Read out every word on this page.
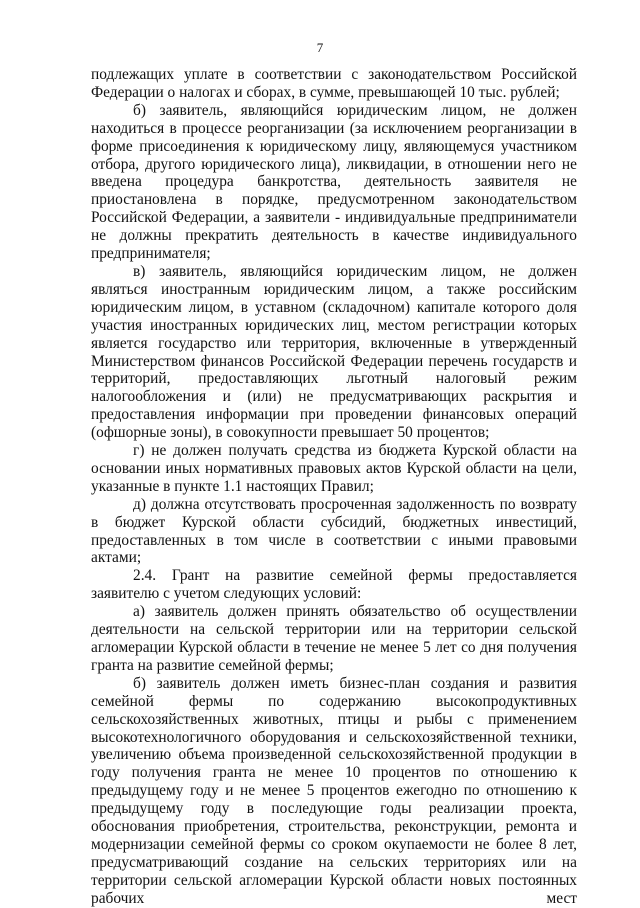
7

подлежащих уплате в соответствии с законодательством Российской Федерации о налогах и сборах, в сумме, превышающей 10 тыс. рублей;

б) заявитель, являющийся юридическим лицом, не должен находиться в процессе реорганизации (за исключением реорганизации в форме присоединения к юридическому лицу, являющемуся участником отбора, другого юридического лица), ликвидации, в отношении него не введена процедура банкротства, деятельность заявителя не приостановлена в порядке, предусмотренном законодательством Российской Федерации, а заявители - индивидуальные предприниматели не должны прекратить деятельность в качестве индивидуального предпринимателя;

в) заявитель, являющийся юридическим лицом, не должен являться иностранным юридическим лицом, а также российским юридическим лицом, в уставном (складочном) капитале которого доля участия иностранных юридических лиц, местом регистрации которых является государство или территория, включенные в утвержденный Министерством финансов Российской Федерации перечень государств и территорий, предоставляющих льготный налоговый режим налогообложения и (или) не предусматривающих раскрытия и предоставления информации при проведении финансовых операций (офшорные зоны), в совокупности превышает 50 процентов;

г) не должен получать средства из бюджета Курской области на основании иных нормативных правовых актов Курской области на цели, указанные в пункте 1.1 настоящих Правил;

д) должна отсутствовать просроченная задолженность по возврату в бюджет Курской области субсидий, бюджетных инвестиций, предоставленных в том числе в соответствии с иными правовыми актами;

2.4. Грант на развитие семейной фермы предоставляется заявителю с учетом следующих условий:

а) заявитель должен принять обязательство об осуществлении деятельности на сельской территории или на территории сельской агломерации Курской области в течение не менее 5 лет со дня получения гранта на развитие семейной фермы;

б) заявитель должен иметь бизнес-план создания и развития семейной фермы по содержанию высокопродуктивных сельскохозяйственных животных, птицы и рыбы с применением высокотехнологичного оборудования и сельскохозяйственной техники, увеличению объема произведенной сельскохозяйственной продукции в году получения гранта не менее 10 процентов по отношению к предыдущему году и не менее 5 процентов ежегодно по отношению к предыдущему году в последующие годы реализации проекта, обоснования приобретения, строительства, реконструкции, ремонта и модернизации семейной фермы со сроком окупаемости не более 8 лет, предусматривающий создание на сельских территориях или на территории сельской агломерации Курской области новых постоянных рабочих мест
